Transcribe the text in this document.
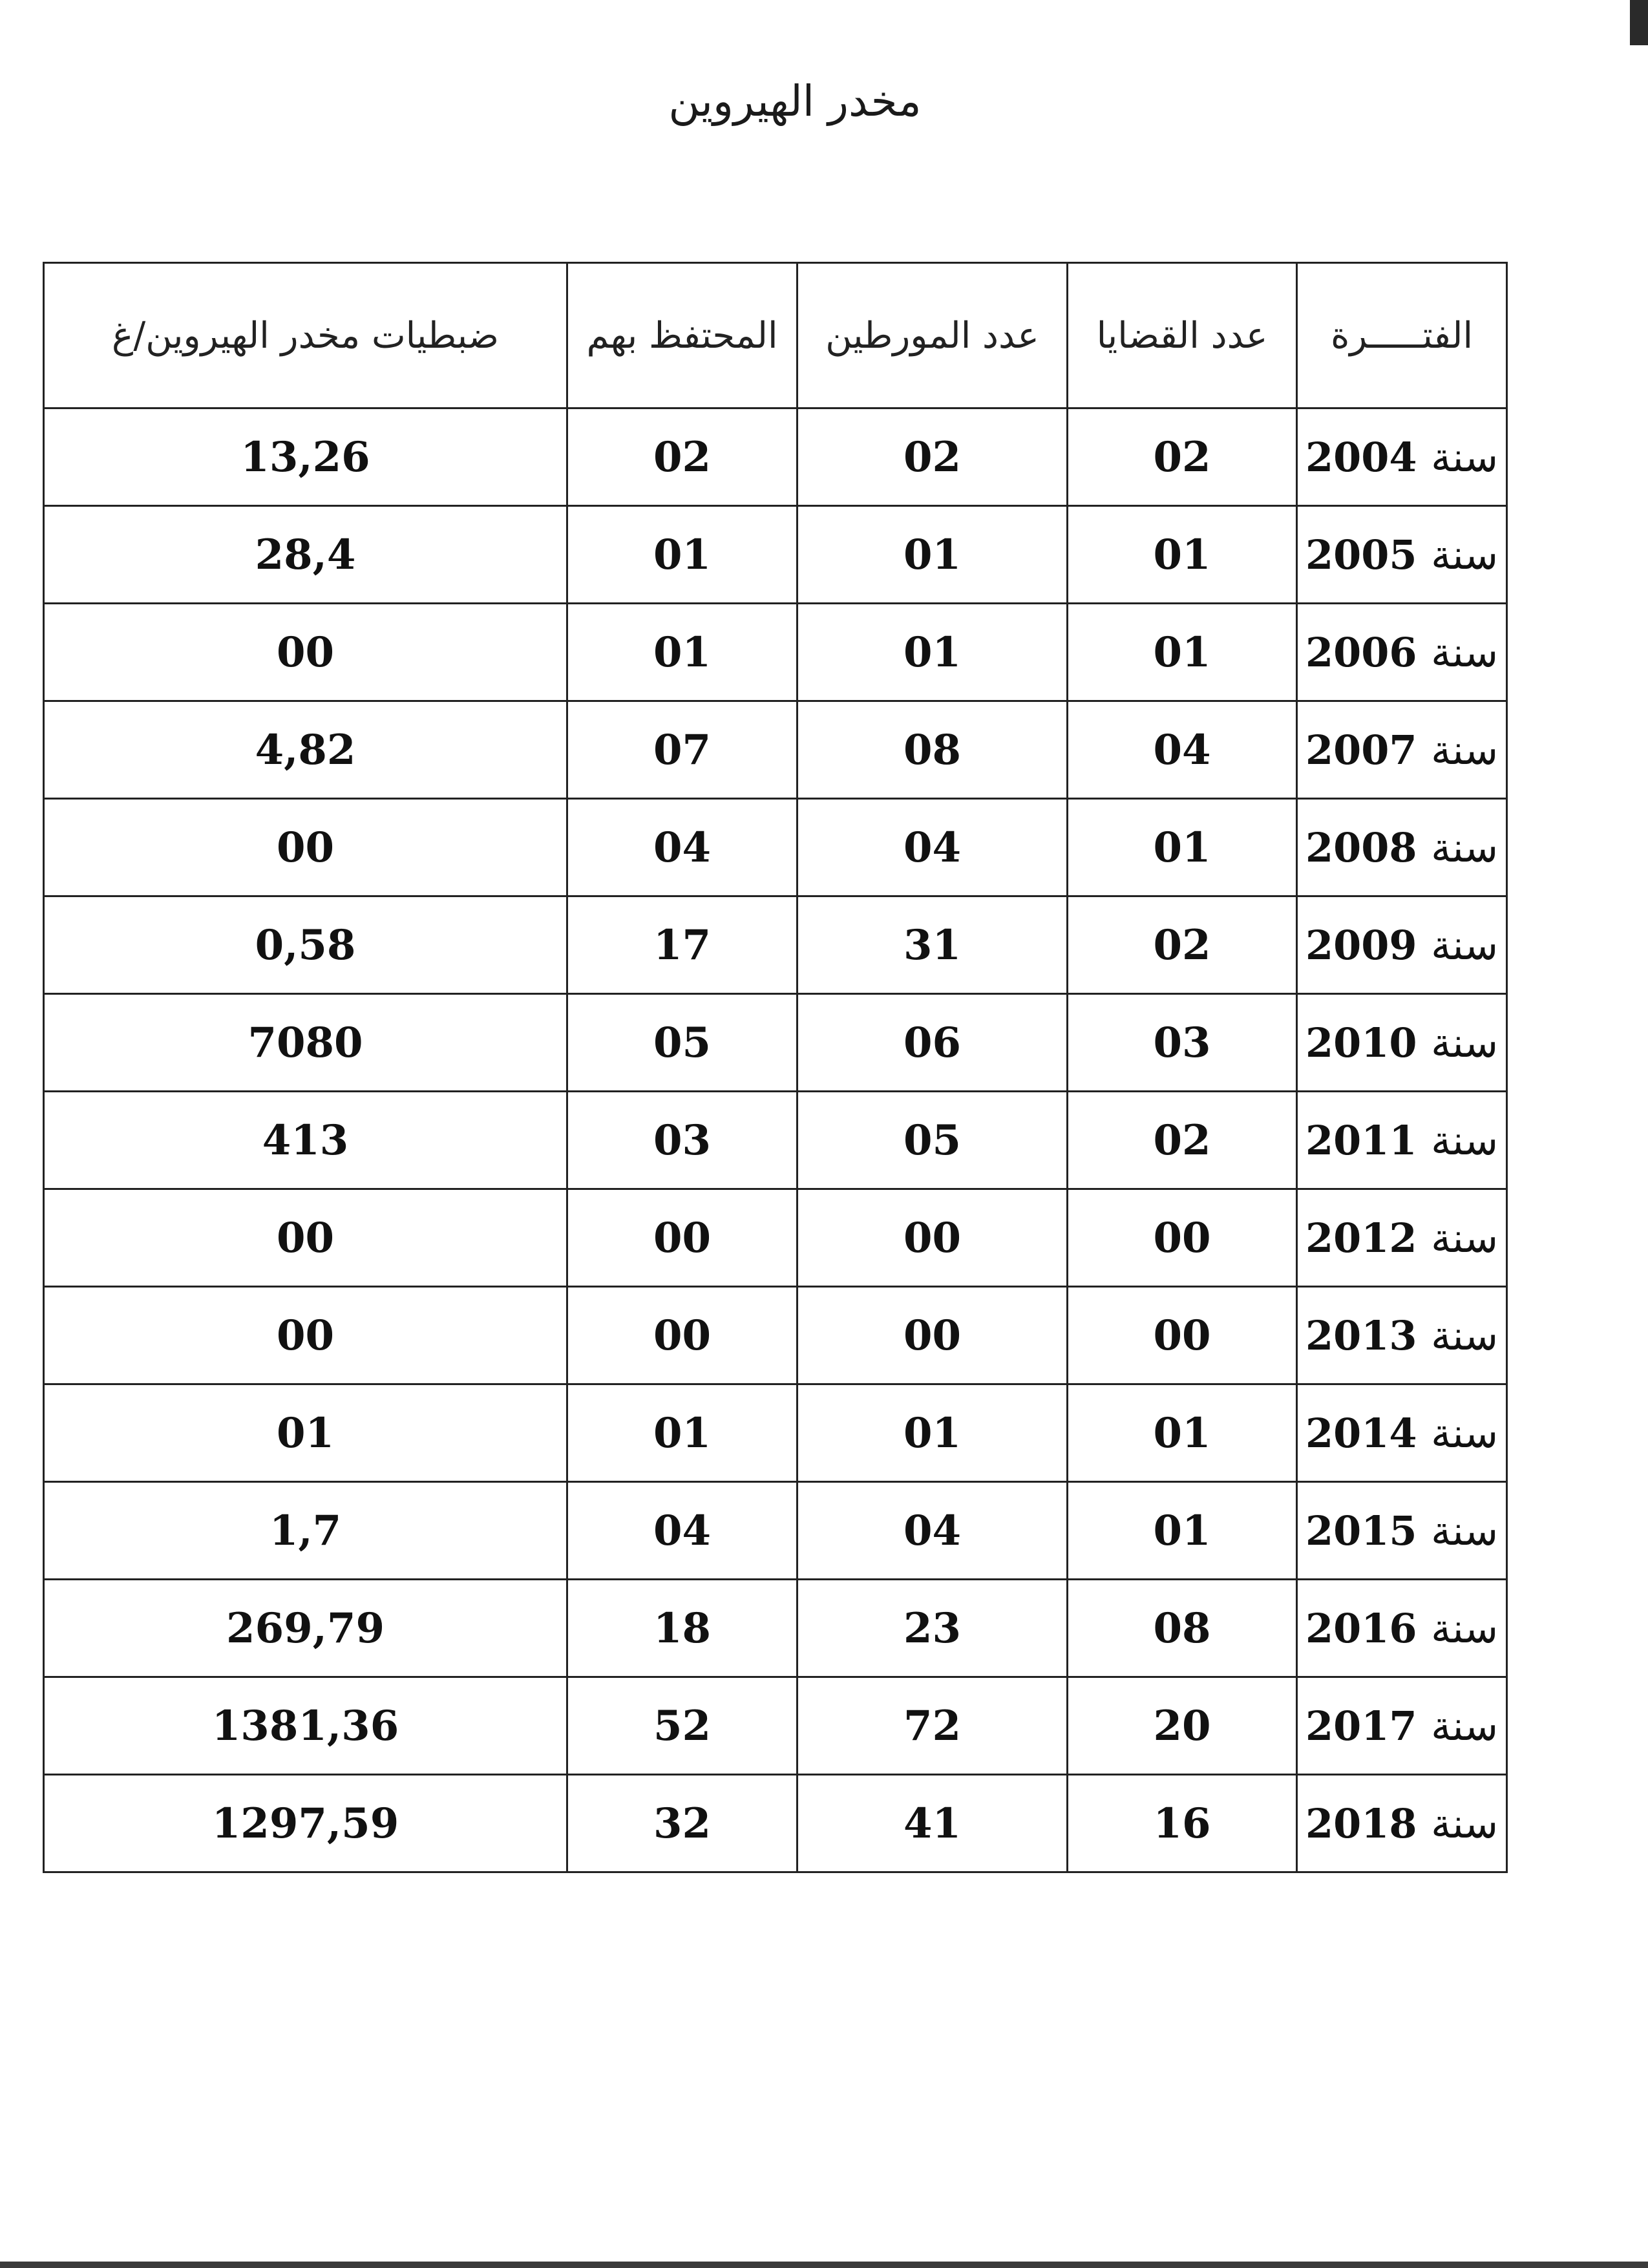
مخدر الهيروين
الفتـــــرة	عدد القضايا	عدد المورطين	المحتفظ بهم	ضبطيات مخدر الهيروين/غ
سنة 2004	02	02	02	13,26
سنة 2005	01	01	01	28,4
سنة 2006	01	01	01	00
سنة 2007	04	08	07	4,82
سنة 2008	01	04	04	00
سنة 2009	02	31	17	0,58
سنة 2010	03	06	05	7080
سنة 2011	02	05	03	413
سنة 2012	00	00	00	00
سنة 2013	00	00	00	00
سنة 2014	01	01	01	01
سنة 2015	01	04	04	1,7
سنة 2016	08	23	18	269,79
سنة 2017	20	72	52	1381,36
سنة 2018	16	41	32	1297,59
